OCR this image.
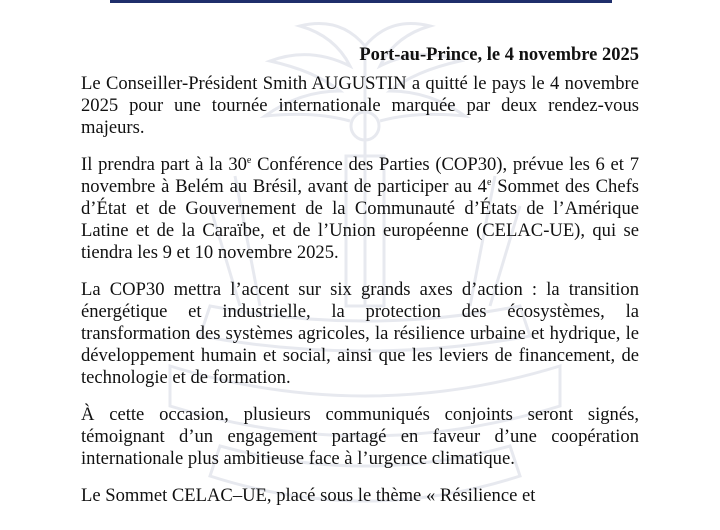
Port-au-Prince, le 4 novembre 2025

Le Conseiller-Président Smith AUGUSTIN a quitté le pays le 4 novembre 2025 pour une tournée internationale marquée par deux rendez-vous majeurs.

Il prendra part à la 30e Conférence des Parties (COP30), prévue les 6 et 7 novembre à Belém au Brésil, avant de participer au 4e Sommet des Chefs d’État et de Gouvernement de la Communauté d’États de l’Amérique Latine et de la Caraïbe, et de l’Union européenne (CELAC-UE), qui se tiendra les 9 et 10 novembre 2025.

La COP30 mettra l’accent sur six grands axes d’action : la transition énergétique et industrielle, la protection des écosystèmes, la transformation des systèmes agricoles, la résilience urbaine et hydrique, le développement humain et social, ainsi que les leviers de financement, de technologie et de formation.

À cette occasion, plusieurs communiqués conjoints seront signés, témoignant d’un engagement partagé en faveur d’une coopération internationale plus ambitieuse face à l’urgence climatique.

Le Sommet CELAC–UE, placé sous le thème « Résilience et
